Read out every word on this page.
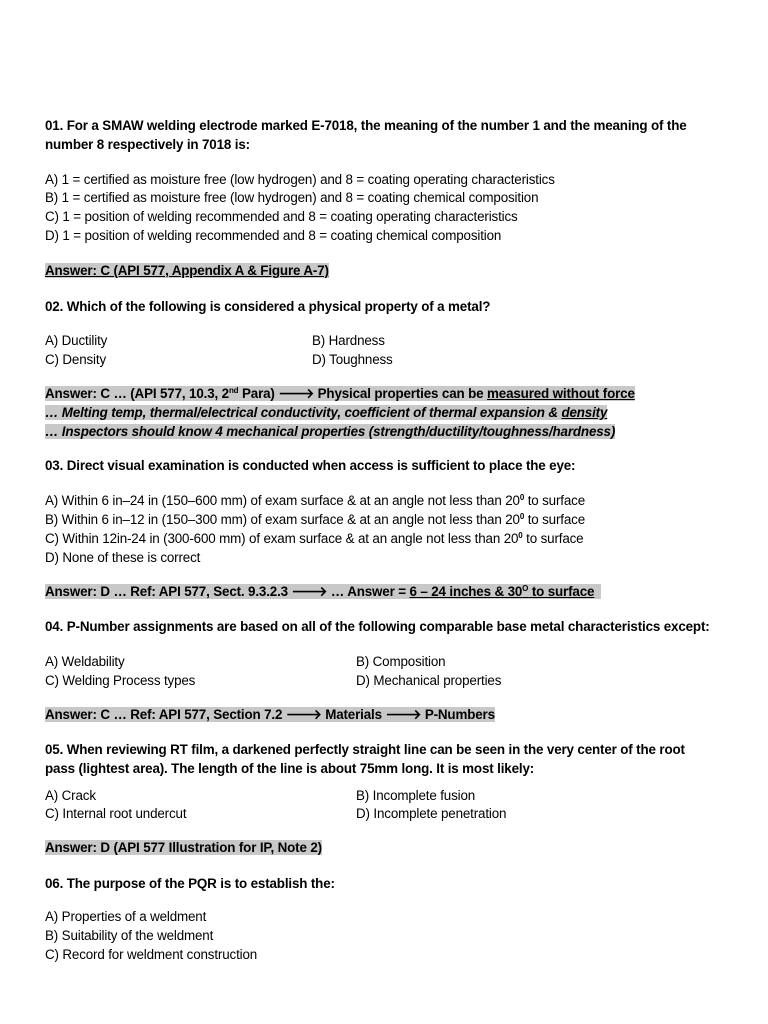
01. For a SMAW welding electrode marked E-7018, the meaning of the number 1 and the meaning of the
number 8 respectively in 7018 is:
A) 1 = certified as moisture free (low hydrogen) and 8 = coating operating characteristics
B) 1 = certified as moisture free (low hydrogen) and 8 = coating chemical composition
C) 1 = position of welding recommended and 8 = coating operating characteristics
D) 1 = position of welding recommended and 8 = coating chemical composition
Answer: C (API 577, Appendix A & Figure A-7)
02. Which of the following is considered a physical property of a metal?
A) Ductility	B) Hardness
C) Density	D) Toughness
Answer: C … (API 577, 10.3, 2nd Para) 🡒 Physical properties can be measured without force
… Melting temp, thermal/electrical conductivity, coefficient of thermal expansion & density
… Inspectors should know 4 mechanical properties (strength/ductility/toughness/hardness)
03. Direct visual examination is conducted when access is sufficient to place the eye:
A) Within 6 in–24 in (150–600 mm) of exam surface & at an angle not less than $20^0$ to surface
B) Within 6 in–12 in (150–300 mm) of exam surface & at an angle not less than $20^0$ to surface
C) Within 12in-24 in (300-600 mm) of exam surface & at an angle not less than $20^0$ to surface
D) None of these is correct
Answer: D … Ref: API 577, Sect. 9.3.2.3 🡒 … Answer = 6 – 24 inches & $30^O$ to surface
04. P-Number assignments are based on all of the following comparable base metal characteristics except:
A) Weldability	B) Composition
C) Welding Process types	D) Mechanical properties
Answer: C … Ref: API 577, Section 7.2 🡒 Materials 🡒 P-Numbers
05. When reviewing RT film, a darkened perfectly straight line can be seen in the very center of the root
pass (lightest area). The length of the line is about 75mm long. It is most likely:
A) Crack	B) Incomplete fusion
C) Internal root undercut	D) Incomplete penetration
Answer: D (API 577 Illustration for IP, Note 2)
06. The purpose of the PQR is to establish the:
A) Properties of a weldment
B) Suitability of the weldment
C) Record for weldment construction
